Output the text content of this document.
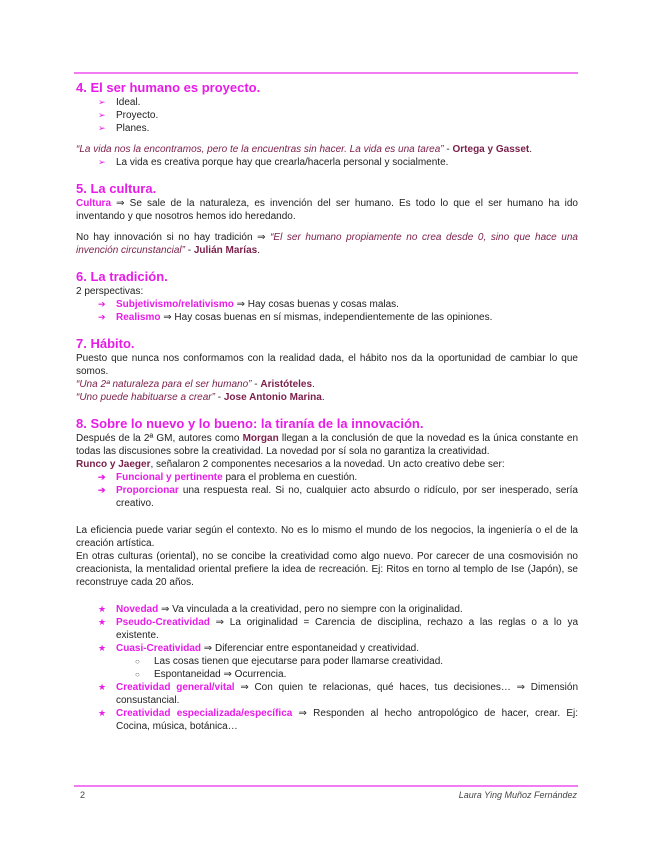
4. El ser humano es proyecto.
➢ Ideal.
➢ Proyecto.
➢ Planes.

“La vida nos la encontramos, pero te la encuentras sin hacer. La vida es una tarea” - Ortega y Gasset.

➢ La vida es creativa porque hay que crearla/hacerla personal y socialmente.
5. La cultura.

Cultura ⇒ Se sale de la naturaleza, es invención del ser humano. Es todo lo que el ser humano ha ido inventando y que nosotros hemos ido heredando.

No hay innovación si no hay tradición ⇒ “El ser humano propiamente no crea desde 0, sino que hace una invención circunstancial” - Julián Marías.

6. La tradición.

2 perspectivas:

➔ Subjetivismo/relativismo ⇒ Hay cosas buenas y cosas malas.
➔ Realismo ⇒ Hay cosas buenas en sí mismas, independientemente de las opiniones.
7. Hábito.

Puesto que nunca nos conformamos con la realidad dada, el hábito nos da la oportunidad de cambiar lo que somos.

“Una 2ª naturaleza para el ser humano” - Aristóteles.

“Uno puede habituarse a crear” - Jose Antonio Marina.

8. Sobre lo nuevo y lo bueno: la tiranía de la innovación.

Después de la 2ª GM, autores como Morgan llegan a la conclusión de que la novedad es la única constante en todas las discusiones sobre la creatividad. La novedad por sí sola no garantiza la creatividad.

Runco y Jaeger, señalaron 2 componentes necesarios a la novedad. Un acto creativo debe ser:

➔ Funcional y pertinente para el problema en cuestión.
➔ Proporcionar una respuesta real. Si no, cualquier acto absurdo o ridículo, por ser inesperado, sería creativo.

La eficiencia puede variar según el contexto. No es lo mismo el mundo de los negocios, la ingeniería o el de la creación artística.

En otras culturas (oriental), no se concibe la creatividad como algo nuevo. Por carecer de una cosmovisión no creacionista, la mentalidad oriental prefiere la idea de recreación. Ej: Ritos en torno al templo de Ise (Japón), se reconstruye cada 20 años.

★ Novedad ⇒ Va vinculada a la creatividad, pero no siempre con la originalidad.
★ Pseudo-Creatividad ⇒ La originalidad = Carencia de disciplina, rechazo a las reglas o a lo ya existente.
★ Cuasi-Creatividad ⇒ Diferenciar entre espontaneidad y creatividad.
○ Las cosas tienen que ejecutarse para poder llamarse creatividad.
○ Espontaneidad ⇒ Ocurrencia.
★ Creatividad general/vital ⇒ Con quien te relacionas, qué haces, tus decisiones… ⇒ Dimensión consustancial.
★ Creatividad especializada/específica ⇒ Responden al hecho antropológico de hacer, crear. Ej: Cocina, música, botánica…
2	Laura Ying Muñoz Fernández
